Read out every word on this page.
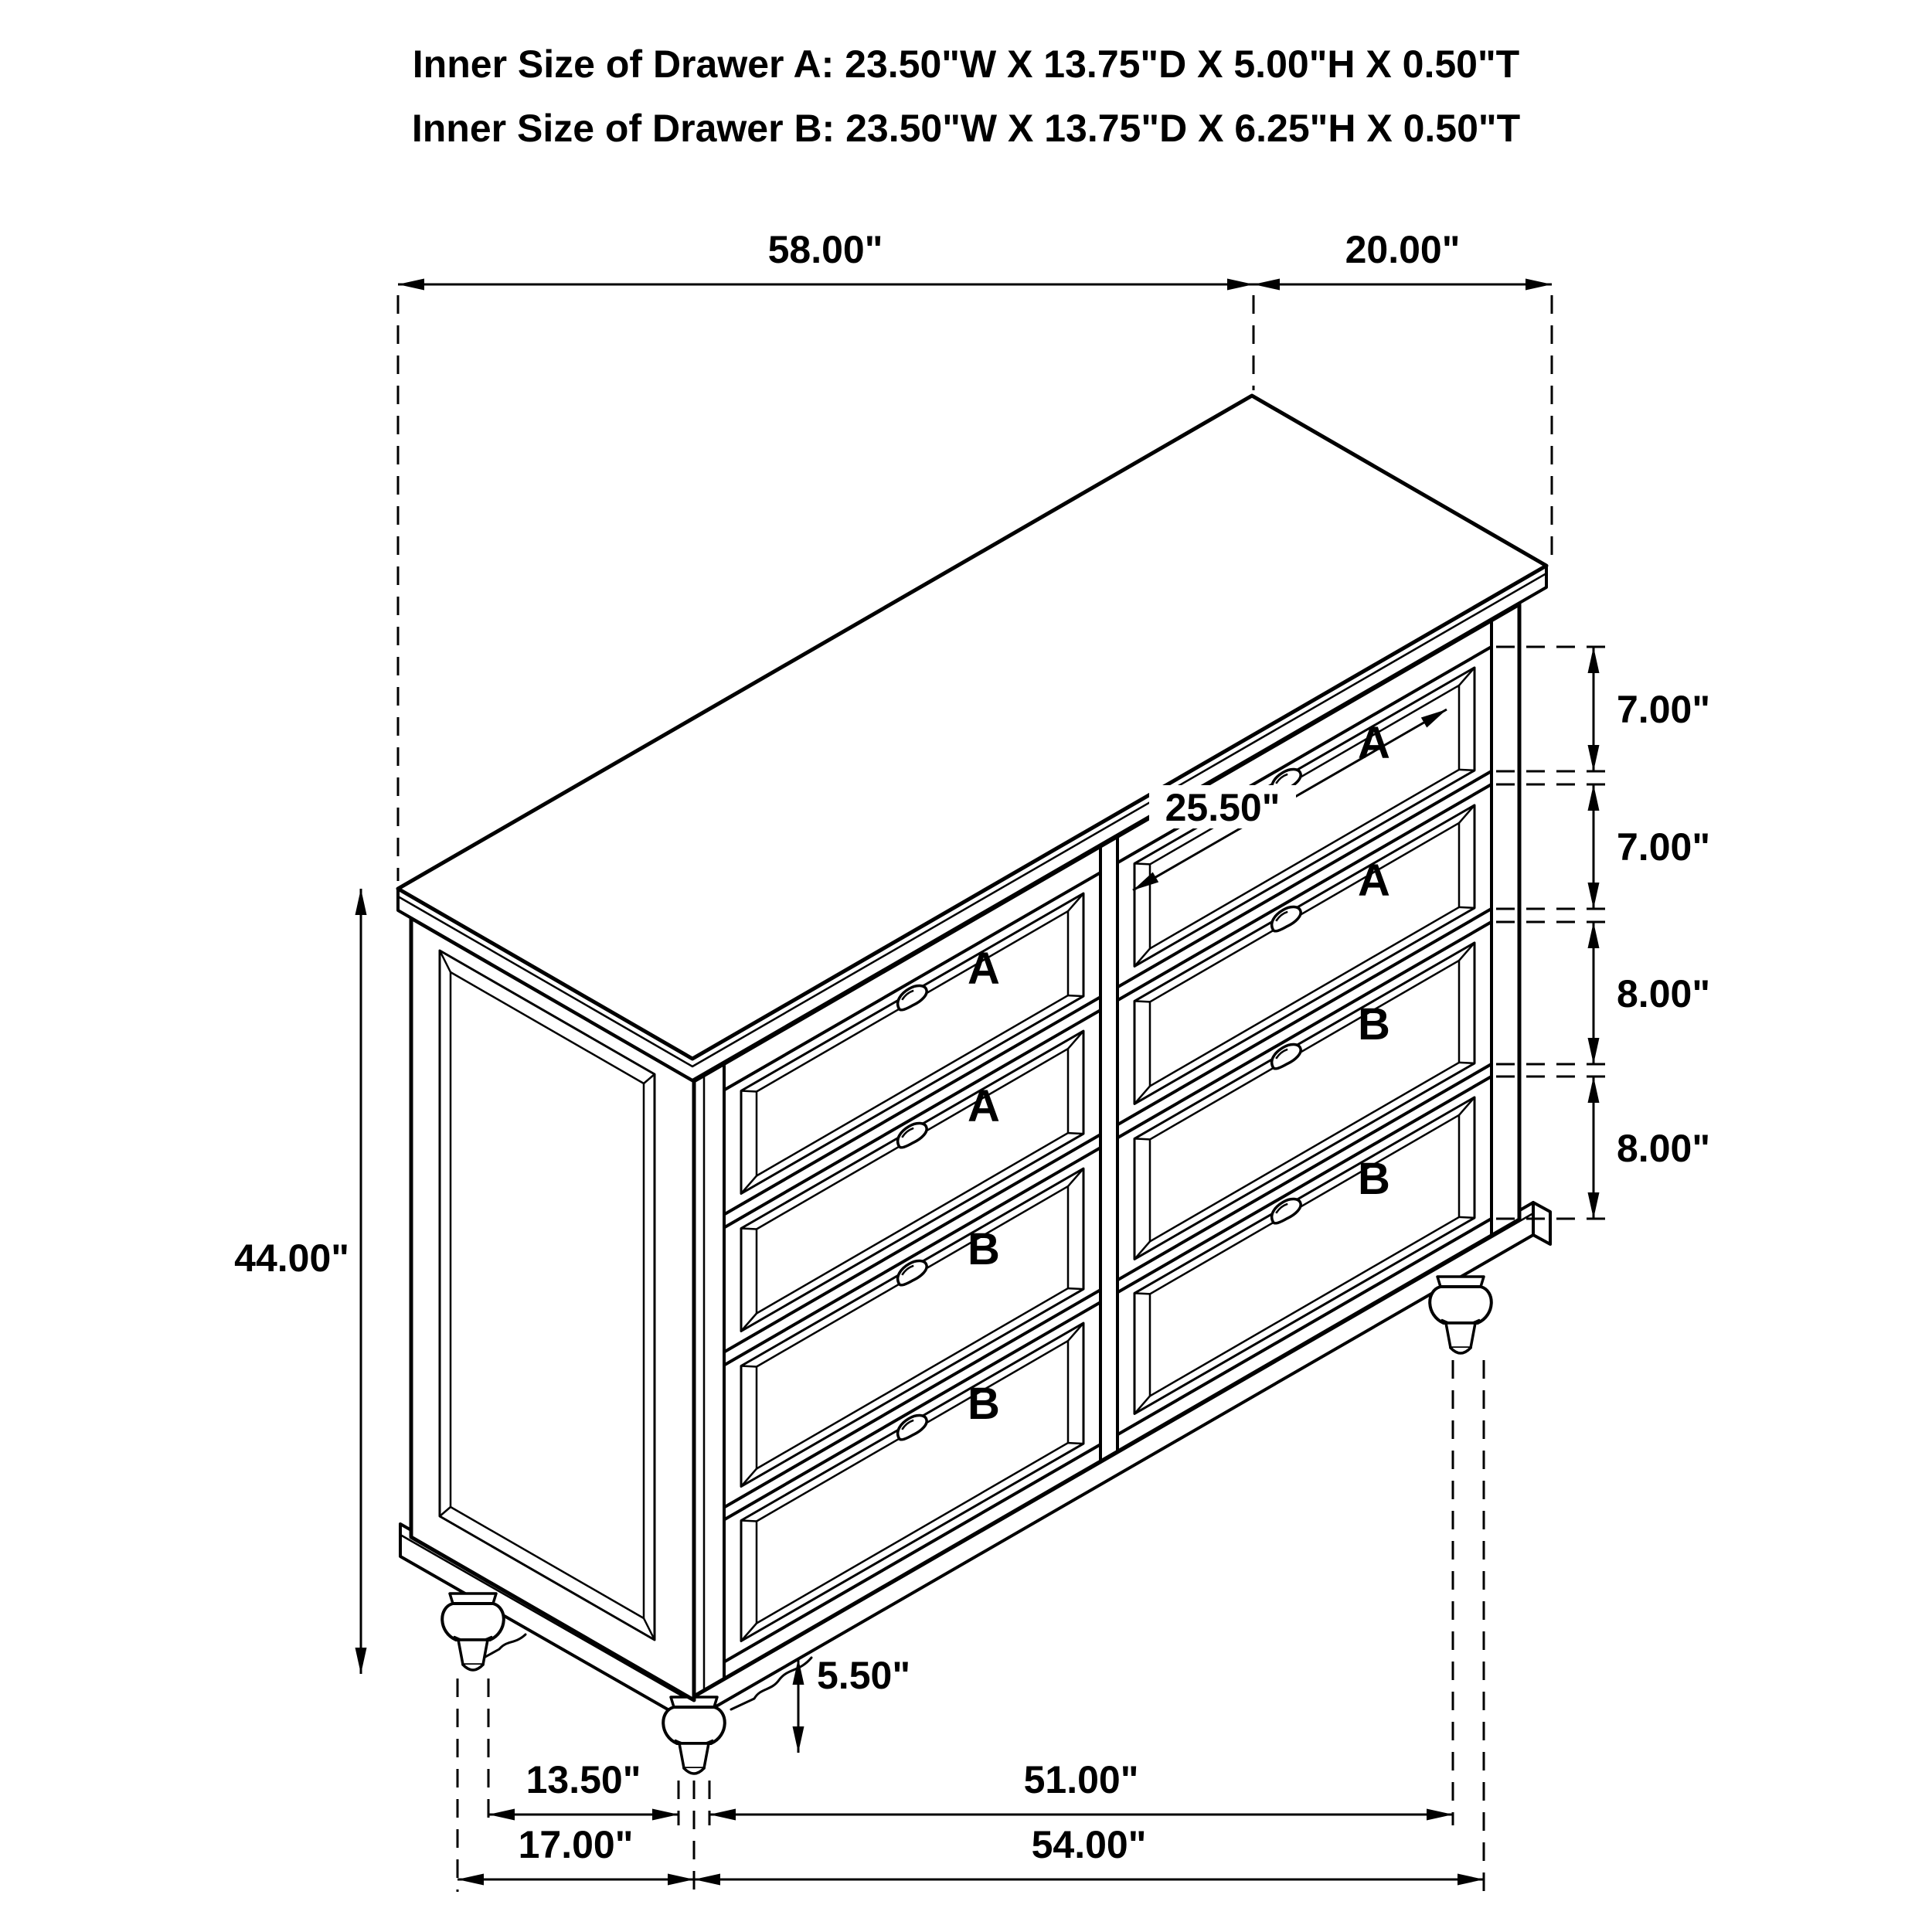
Inner Size of Drawer A: 23.50"W X 13.75"D X 5.00"H X 0.50"T
Inner Size of Drawer B: 23.50"W X 13.75"D X 6.25"H X 0.50"T
58.00"	20.00"
7.00"
7.00"
8.00"
8.00"
44.00"
25.50"
5.50"
13.50"	51.00"
17.00"	54.00"
A
A
B
B
A
A
B
B
